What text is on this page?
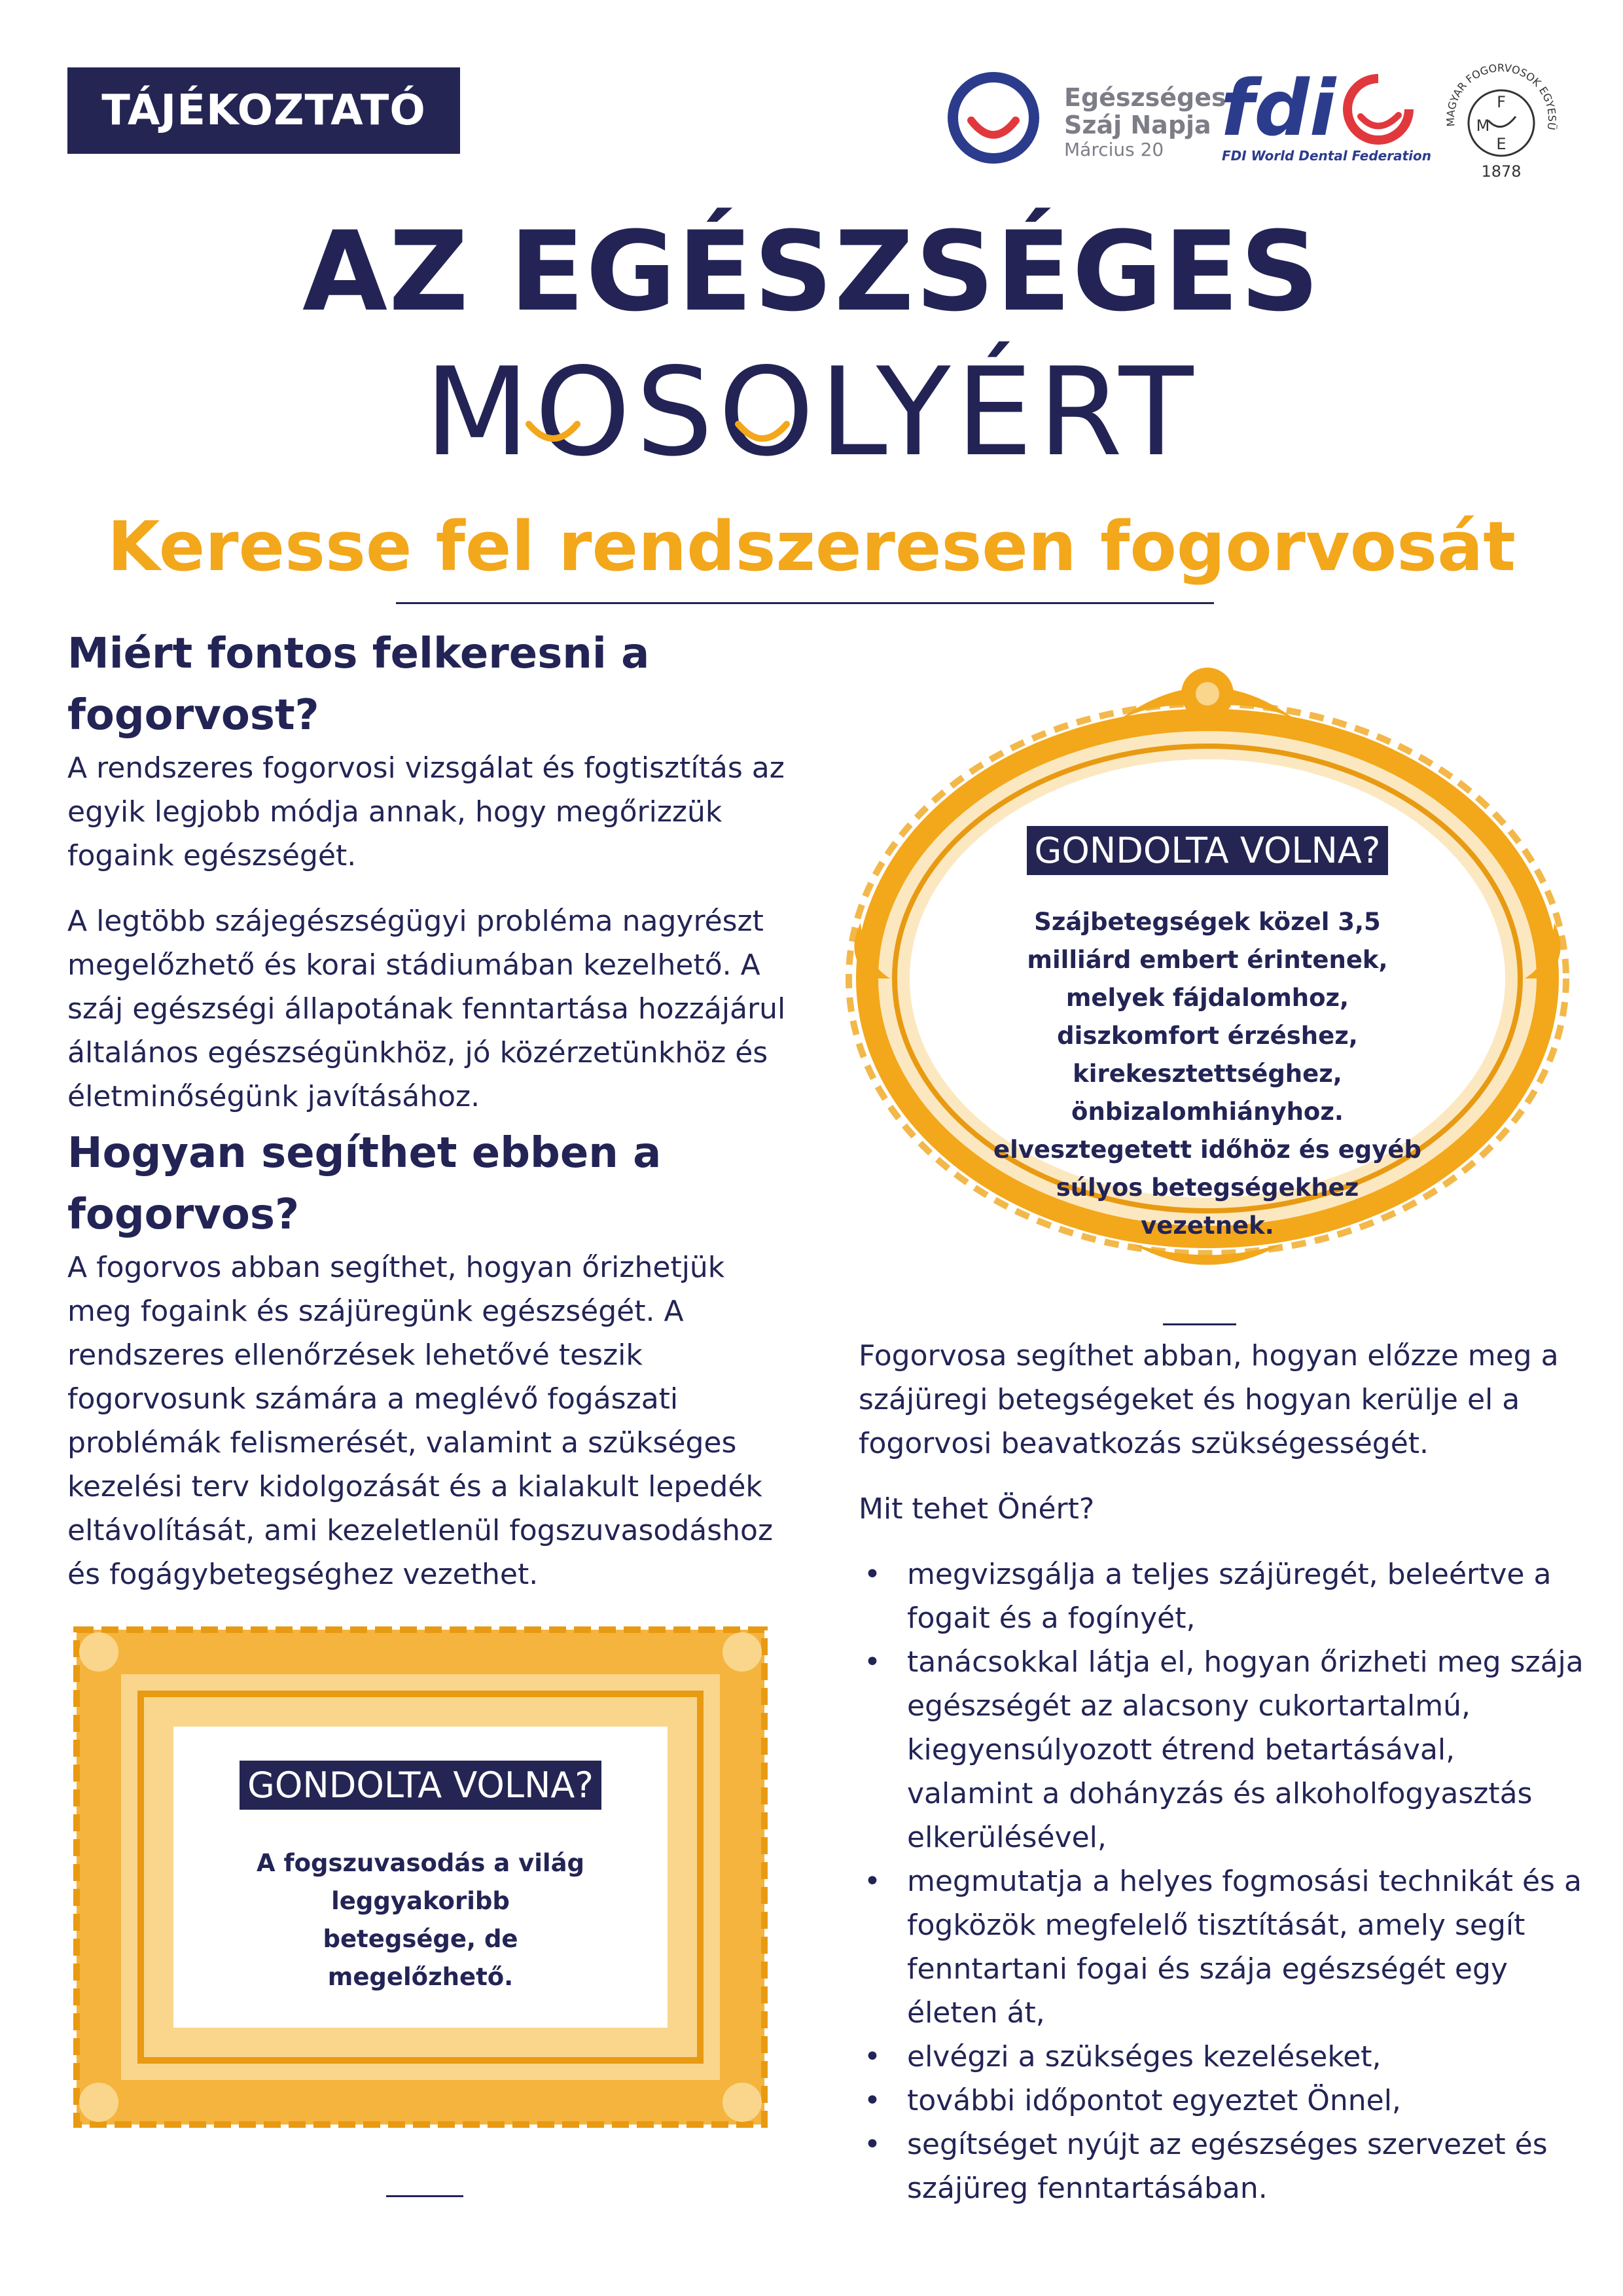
TÁJÉKOZTATÓ	Egészséges
Száj Napja
Március 20 fdi
FDI World Dental Federation
MAGYAR FOGORVOSOK EGYESÜ
F
M
E
1878
AZ EGÉSZSÉGES
MOSOLYÉRT
Keresse fel rendszeresen fogorvosát
Miért fontos felkeresni a fogorvost?
A rendszeres fogorvosi vizsgálat és fogtisztítás az egyik legjobb módja annak, hogy megőrizzük fogaink egészségét.
A legtöbb szájegészségügyi probléma nagyrészt megelőzhető és korai stádiumában kezelhető. A száj egészségi állapotának fenntartása hozzájárul általános egészségünkhöz, jó közérzetünkhöz és életminőségünk javításához.
Hogyan segíthet ebben a fogorvos?
A fogorvos abban segíthet, hogyan őrizhetjük meg fogaink és szájüregünk egészségét. A rendszeres ellenőrzések lehetővé teszik fogorvosunk számára a meglévő fogászati problémák felismerését, valamint a szükséges kezelési terv kidolgozását és a kialakult lepedék eltávolítását, ami kezeletlenül fogszuvasodáshoz és fogágybetegséghez vezethet.
GONDOLTA VOLNA?
Szájbetegségek közel 3,5 milliárd embert érintenek, melyek fájdalomhoz, diszkomfort érzéshez, kirekesztettséghez, önbizalomhiányhoz. elvesztegetett időhöz és egyéb súlyos betegségekhez vezetnek.
Fogorvosa segíthet abban, hogyan előzze meg a szájüregi betegségeket és hogyan kerülje el a fogorvosi beavatkozás szükségességét.
Mit tehet Önért?
• megvizsgálja a teljes szájüregét, beleértve a fogait és a fogínyét,
• tanácsokkal látja el, hogyan őrizheti meg szája egészségét az alacsony cukortartalmú, kiegyensúlyozott étrend betartásával, valamint a dohányzás és alkoholfogyasztás elkerülésével,
• megmutatja a helyes fogmosási technikát és a fogközök megfelelő tisztítását, amely segít fenntartani fogai és szája egészségét egy életen át,
• elvégzi a szükséges kezeléseket,
• további időpontot egyeztet Önnel,
• segítséget nyújt az egészséges szervezet és szájüreg fenntartásában.
GONDOLTA VOLNA?
A fogszuvasodás a világ leggyakoribb betegsége, de megelőzhető.
